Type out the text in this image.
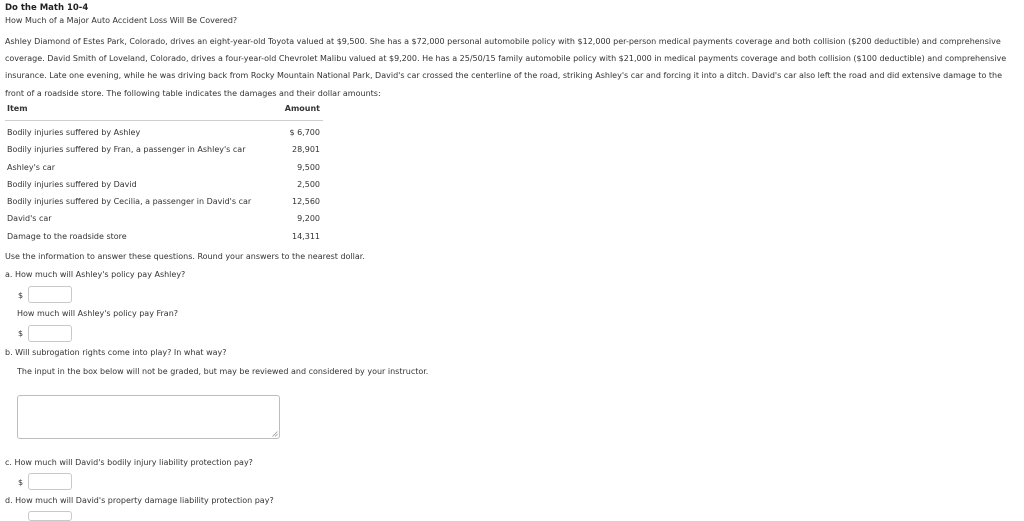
Do the Math 10-4
How Much of a Major Auto Accident Loss Will Be Covered?
Ashley Diamond of Estes Park, Colorado, drives an eight-year-old Toyota valued at $9,500. She has a $72,000 personal automobile policy with $12,000 per-person medical payments coverage and both collision ($200 deductible) and comprehensive coverage. David Smith of Loveland, Colorado, drives a four-year-old Chevrolet Malibu valued at $9,200. He has a 25/50/15 family automobile policy with $21,000 in medical payments coverage and both collision ($100 deductible) and comprehensive insurance. Late one evening, while he was driving back from Rocky Mountain National Park, David's car crossed the centerline of the road, striking Ashley's car and forcing it into a ditch. David's car also left the road and did extensive damage to the front of a roadside store. The following table indicates the damages and their dollar amounts:
Item	Amount
Bodily injuries suffered by Ashley	$ 6,700
Bodily injuries suffered by Fran, a passenger in Ashley's car	28,901
Ashley's car	9,500
Bodily injuries suffered by David	2,500
Bodily injuries suffered by Cecilia, a passenger in David's car	12,560
David's car	9,200
Damage to the roadside store	14,311
Use the information to answer these questions. Round your answers to the nearest dollar.
a. How much will Ashley's policy pay Ashley?
$
How much will Ashley's policy pay Fran?
$
b. Will subrogation rights come into play? In what way?
The input in the box below will not be graded, but may be reviewed and considered by your instructor.
c. How much will David's bodily injury liability protection pay?
$
d. How much will David's property damage liability protection pay?
